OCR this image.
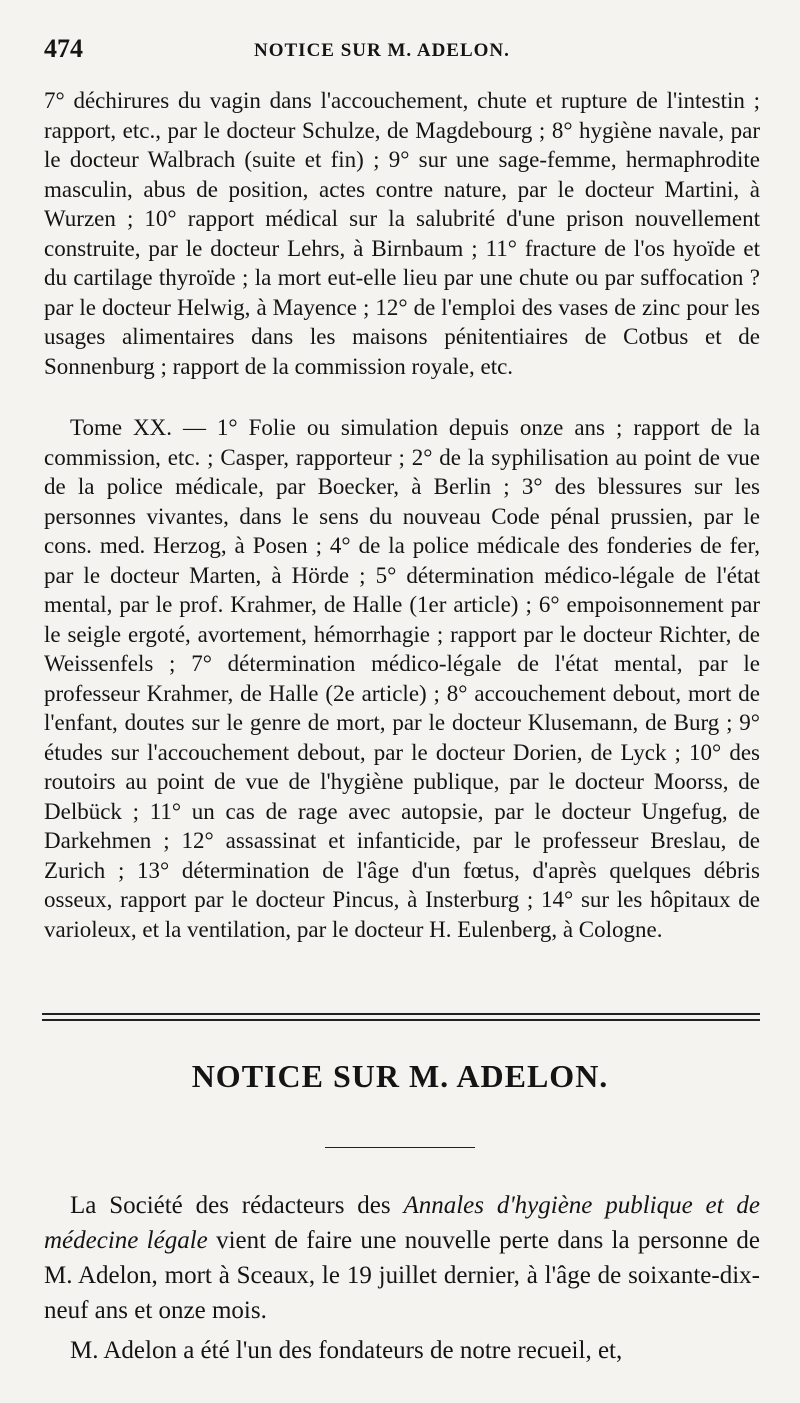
474	NOTICE SUR M. ADELON.

7° déchirures du vagin dans l'accouchement, chute et rupture de l'intestin ; rapport, etc., par le docteur Schulze, de Magdebourg ; 8° hygiène navale, par le docteur Walbrach (suite et fin) ; 9° sur une sage-femme, hermaphrodite masculin, abus de position, actes contre nature, par le docteur Martini, à Wurzen ; 10° rapport médical sur la salubrité d'une prison nouvellement construite, par le docteur Lehrs, à Birnbaum ; 11° fracture de l'os hyoïde et du cartilage thyroïde ; la mort eut-elle lieu par une chute ou par suffocation ? par le docteur Helwig, à Mayence ; 12° de l'emploi des vases de zinc pour les usages alimentaires dans les maisons pénitentiaires de Cotbus et de Sonnenburg ; rapport de la commission royale, etc.

Tome XX. — 1° Folie ou simulation depuis onze ans ; rapport de la commission, etc. ; Casper, rapporteur ; 2° de la syphilisation au point de vue de la police médicale, par Boecker, à Berlin ; 3° des blessures sur les personnes vivantes, dans le sens du nouveau Code pénal prussien, par le cons. med. Herzog, à Posen ; 4° de la police médicale des fonderies de fer, par le docteur Marten, à Hörde ; 5° détermination médico-légale de l'état mental, par le prof. Krahmer, de Halle (1er article) ; 6° empoisonnement par le seigle ergoté, avortement, hémorrhagie ; rapport par le docteur Richter, de Weissenfels ; 7° détermination médico-légale de l'état mental, par le professeur Krahmer, de Halle (2e article) ; 8° accouchement debout, mort de l'enfant, doutes sur le genre de mort, par le docteur Klusemann, de Burg ; 9° études sur l'accouchement debout, par le docteur Dorien, de Lyck ; 10° des routoirs au point de vue de l'hygiène publique, par le docteur Moorss, de Delbück ; 11° un cas de rage avec autopsie, par le docteur Ungefug, de Darkehmen ; 12° assassinat et infanticide, par le professeur Breslau, de Zurich ; 13° détermination de l'âge d'un fœtus, d'après quelques débris osseux, rapport par le docteur Pincus, à Insterburg ; 14° sur les hôpitaux de varioleux, et la ventilation, par le docteur H. Eulenberg, à Cologne.

NOTICE SUR M. ADELON.

La Société des rédacteurs des Annales d'hygiène publique et de médecine légale vient de faire une nouvelle perte dans la personne de M. Adelon, mort à Sceaux, le 19 juillet dernier, à l'âge de soixante-dix-neuf ans et onze mois.

M. Adelon a été l'un des fondateurs de notre recueil, et,
